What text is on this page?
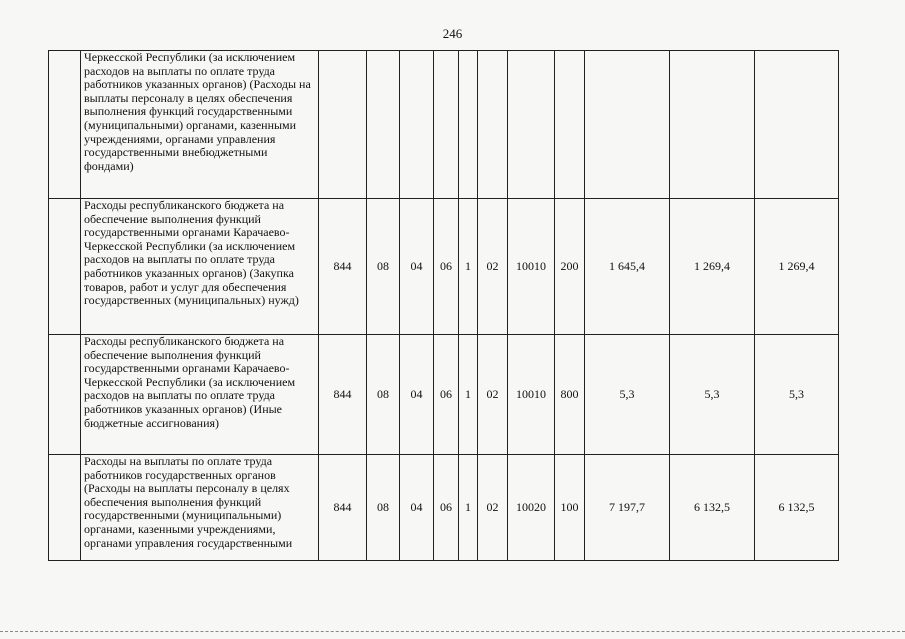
246
	Черкесской Республики (за исключением расходов на выплаты по оплате труда работников указанных органов) (Расходы на выплаты персоналу в целях обеспечения выполнения функций государственными (муниципальными) органами, казенными учреждениями, органами управления государственными внебюджетными фондами)											
	Расходы республиканского бюджета на обеспечение выполнения функций государственными органами Карачаево-Черкесской Республики (за исключением расходов на выплаты по оплате труда работников указанных органов) (Закупка товаров, работ и услуг для обеспечения государственных (муниципальных) нужд)	844	08	04	06	1	02	10010	200	1 645,4	1 269,4	1 269,4
	Расходы республиканского бюджета на обеспечение выполнения функций государственными органами Карачаево-Черкесской Республики (за исключением расходов на выплаты по оплате труда работников указанных органов) (Иные бюджетные ассигнования)	844	08	04	06	1	02	10010	800	5,3	5,3	5,3
	Расходы на выплаты по оплате труда работников государственных органов (Расходы на выплаты персоналу в целях обеспечения выполнения функций государственными (муниципальными) органами, казенными учреждениями, органами управления государственными	844	08	04	06	1	02	10020	100	7 197,7	6 132,5	6 132,5
